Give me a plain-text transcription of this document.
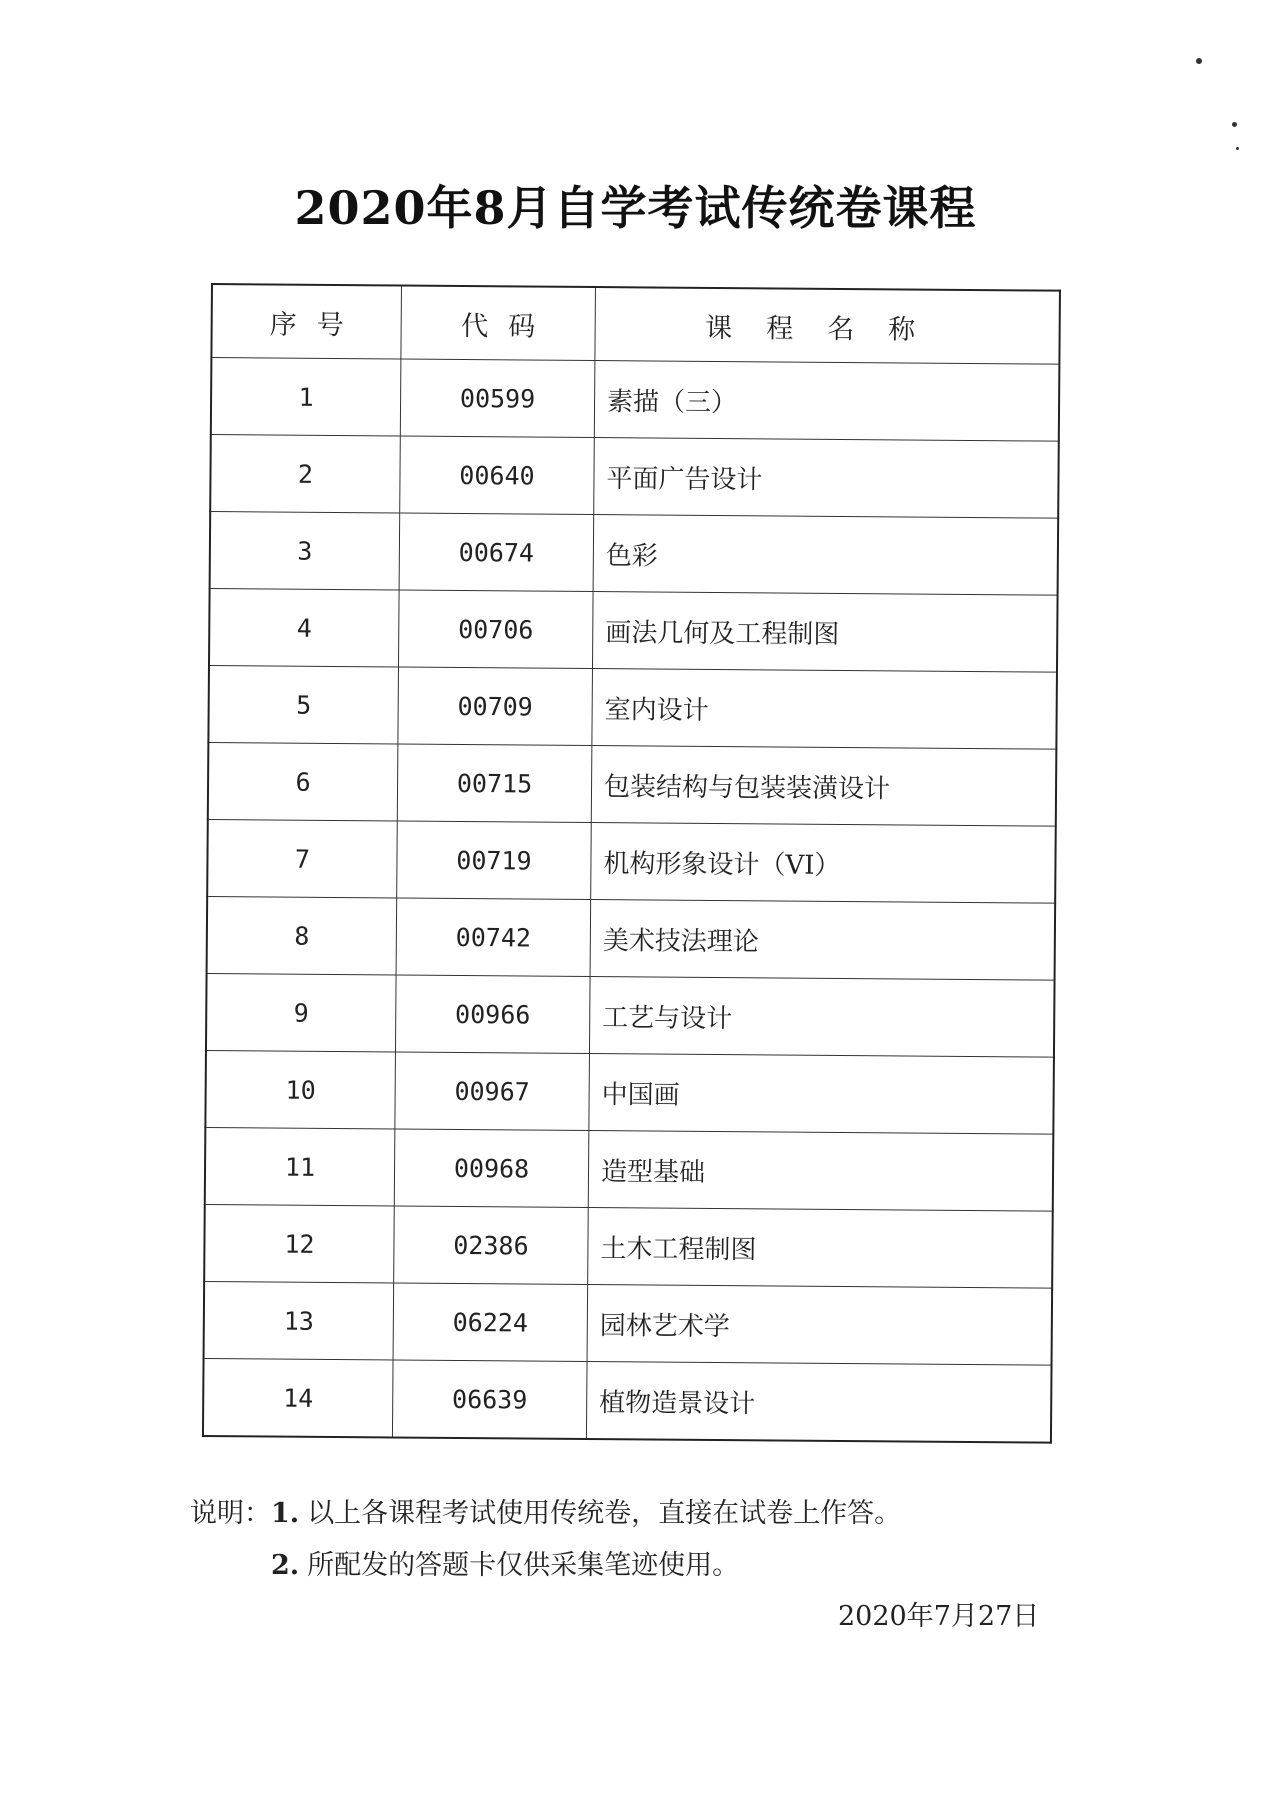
2020年8月自学考试传统卷课程
序号	代码	课程名称
1	00599	素描（三）
2	00640	平面广告设计
3	00674	色彩
4	00706	画法几何及工程制图
5	00709	室内设计
6	00715	包装结构与包装装潢设计
7	00719	机构形象设计（VI）
8	00742	美术技法理论
9	00966	工艺与设计
10	00967	中国画
11	00968	造型基础
12	02386	土木工程制图
13	06224	园林艺术学
14	06639	植物造景设计
说明：1. 以上各课程考试使用传统卷，直接在试卷上作答。
2. 所配发的答题卡仅供采集笔迹使用。
2020年7月27日
